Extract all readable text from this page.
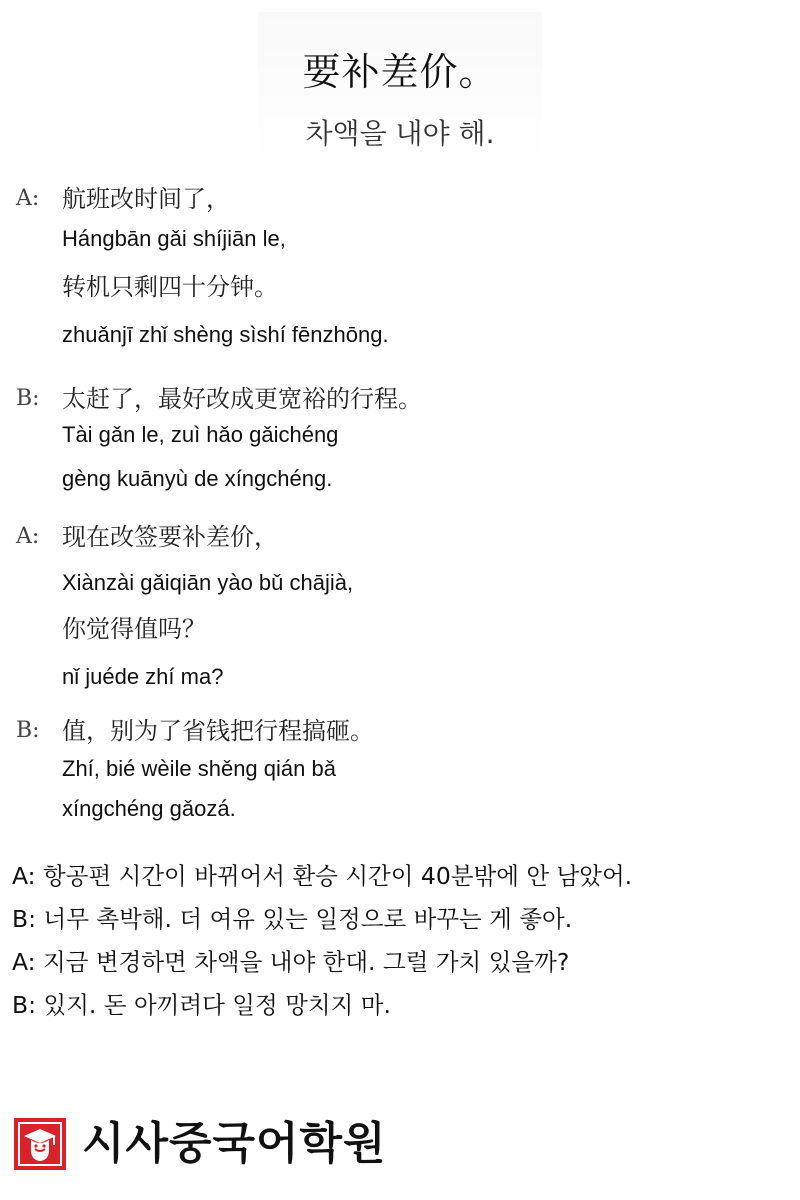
要补差价。
차액을 내야 해.
A: 航班改时间了，
Hángbān gǎi shíjiān le,
转机只剩四十分钟。
zhuǎnjī zhǐ shèng sìshí fēnzhōng.
B: 太赶了，最好改成更宽裕的行程。
Tài gǎn le, zuì hǎo gǎichéng
gèng kuānyù de xíngchéng.
A: 现在改签要补差价，
Xiànzài gǎiqiān yào bǔ chājià,
你觉得值吗？
nǐ juéde zhí ma?
B: 值，别为了省钱把行程搞砸。
Zhí, bié wèile shěng qián bǎ
xíngchéng gǎozá.
A: 항공편 시간이 바뀌어서 환승 시간이 40분밖에 안 남았어.
B: 너무 촉박해. 더 여유 있는 일정으로 바꾸는 게 좋아.
A: 지금 변경하면 차액을 내야 한대. 그럴 가치 있을까?
B: 있지. 돈 아끼려다 일정 망치지 마.
시사중국어학원
